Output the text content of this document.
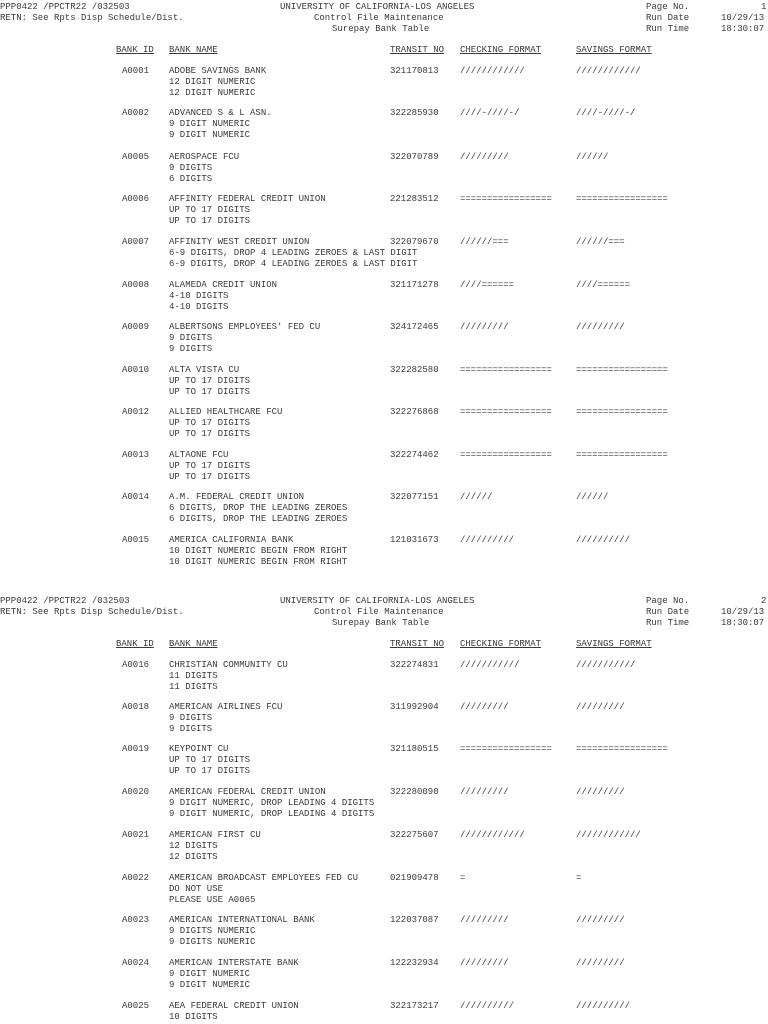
PPP0422 /PPCTR22 /032503
RETN: See Rpts Disp Schedule/Dist.
UNIVERSITY OF CALIFORNIA-LOS ANGELES
Control File Maintenance
Surepay Bank Table
Page No.	1
Run Date	10/29/13
Run Time	18:30:07
BANK ID BANK NAME	TRANSIT NO CHECKING FORMAT	SAVINGS FORMAT
A0001 ADOBE SAVINGS BANK	321170813 ////////////	////////////
12 DIGIT NUMERIC
12 DIGIT NUMERIC
A0002 ADVANCED S & L ASN.	322285930 ////-////-/	////-////-/
9 DIGIT NUMERIC
9 DIGIT NUMERIC
A0005 AEROSPACE FCU	322070789 /////////	//////
9 DIGITS
6 DIGITS
A0006 AFFINITY FEDERAL CREDIT UNION	221283512 =================	=================
UP TO 17 DIGITS
UP TO 17 DIGITS
A0007 AFFINITY WEST CREDIT UNION	322079670 //////===	//////===
6-9 DIGITS, DROP 4 LEADING ZEROES & LAST DIGIT
6-9 DIGITS, DROP 4 LEADING ZEROES & LAST DIGIT
A0008 ALAMEDA CREDIT UNION	321171278 ////======	////======
4-10 DIGITS
4-10 DIGITS
A0009 ALBERTSONS EMPLOYEES' FED CU	324172465 /////////	/////////
9 DIGITS
9 DIGITS
A0010 ALTA VISTA CU	322282580 =================	=================
UP TO 17 DIGITS
UP TO 17 DIGITS
A0012 ALLIED HEALTHCARE FCU	322276868 =================	=================
UP TO 17 DIGITS
UP TO 17 DIGITS
A0013 ALTAONE FCU	322274462 =================	=================
UP TO 17 DIGITS
UP TO 17 DIGITS
A0014 A.M. FEDERAL CREDIT UNION	322077151 //////	//////
6 DIGITS, DROP THE LEADING ZEROES
6 DIGITS, DROP THE LEADING ZEROES
A0015 AMERICA CALIFORNIA BANK	121031673 //////////	//////////
10 DIGIT NUMERIC BEGIN FROM RIGHT
10 DIGIT NUMERIC BEGIN FROM RIGHT
PPP0422 /PPCTR22 /032503
RETN: See Rpts Disp Schedule/Dist.
UNIVERSITY OF CALIFORNIA-LOS ANGELES
Control File Maintenance
Surepay Bank Table
Page No.	2
Run Date	10/29/13
Run Time	18:30:07
BANK ID BANK NAME	TRANSIT NO CHECKING FORMAT	SAVINGS FORMAT
A0016 CHRISTIAN COMMUNITY CU	322274831 ///////////	///////////
11 DIGITS
11 DIGITS
A0018 AMERICAN AIRLINES FCU	311992904 /////////	/////////
9 DIGITS
9 DIGITS
A0019 KEYPOINT CU	321180515 =================	=================
UP TO 17 DIGITS
UP TO 17 DIGITS
A0020 AMERICAN FEDERAL CREDIT UNION	322280090 /////////	/////////
9 DIGIT NUMERIC, DROP LEADING 4 DIGITS
9 DIGIT NUMERIC, DROP LEADING 4 DIGITS
A0021 AMERICAN FIRST CU	322275607 ////////////	////////////
12 DIGITS
12 DIGITS
A0022 AMERICAN BROADCAST EMPLOYEES FED CU	021909478 =	=
DO NOT USE
PLEASE USE A0065
A0023 AMERICAN INTERNATIONAL BANK	122037087 /////////	/////////
9 DIGITS NUMERIC
9 DIGITS NUMERIC
A0024 AMERICAN INTERSTATE BANK	122232934 /////////	/////////
9 DIGIT NUMERIC
9 DIGIT NUMERIC
A0025 AEA FEDERAL CREDIT UNION	322173217 //////////	//////////
10 DIGITS
